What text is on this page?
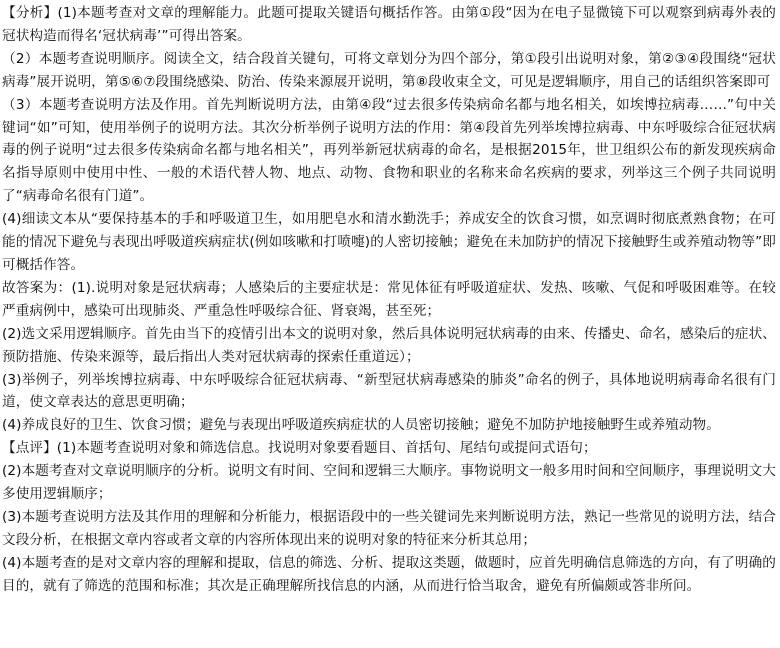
【分析】(1)本题考查对文章的理解能力。此题可提取关键语句概括作答。由第①段“因为在电子显微镜下可以观察到病毒外表的冠状构造而得名‘冠状病毒’”可得出答案。

（2）本题考查说明顺序。阅读全文，结合段首关键句，可将文章划分为四个部分，第①段引出说明对象，第②③④段围绕“冠状病毒”展开说明，第⑤⑥⑦段围绕感染、防治、传染来源展开说明，第⑧段收束全文，可见是逻辑顺序，用自己的话组织答案即可

（3）本题考查说明方法及作用。首先判断说明方法，由第④段“过去很多传染病命名都与地名相关，如埃博拉病毒……”句中关键词“如”可知，使用举例子的说明方法。其次分析举例子说明方法的作用：第④段首先列举埃博拉病毒、中东呼吸综合征冠状病毒的例子说明“过去很多传染病命名都与地名相关”，再列举新冠状病毒的命名，是根据2015年，世卫组织公布的新发现疾病命名指导原则中使用中性、一般的术语代替人物、地点、动物、食物和职业的名称来命名疾病的要求，列举这三个例子共同说明了“病毒命名很有门道”。

(4)细读文本从“要保持基本的手和呼吸道卫生，如用肥皂水和清水勤洗手；养成安全的饮食习惯，如烹调时彻底煮熟食物；在可能的情况下避免与表现出呼吸道疾病症状(例如咳嗽和打喷嚏)的人密切接触；避免在未加防护的情况下接触野生或养殖动物等”即可概括作答。

故答案为：(1).说明对象是冠状病毒；人感染后的主要症状是：常见体征有呼吸道症状、发热、咳嗽、气促和呼吸困难等。在较严重病例中，感染可出现肺炎、严重急性呼吸综合征、肾衰竭，甚至死；

(2)选文采用逻辑顺序。首先由当下的疫情引出本文的说明对象，然后具体说明冠状病毒的由来、传播史、命名，感染后的症状、预防措施、传染来源等，最后指出人类对冠状病毒的探索任重道远）；

(3)举例子，列举埃博拉病毒、中东呼吸综合征冠状病毒、“新型冠状病毒感染的肺炎”命名的例子，具体地说明病毒命名很有门道，使文章表达的意思更明确；

(4)养成良好的卫生、饮食习惯；避免与表现出呼吸道疾病症状的人员密切接触；避免不加防护地接触野生或养殖动物。

【点评】(1)本题考查说明对象和筛选信息。找说明对象要看题目、首括句、尾结句或提问式语句；

(2)本题考查对文章说明顺序的分析。说明文有时间、空间和逻辑三大顺序。事物说明文一般多用时间和空间顺序，事理说明文大多使用逻辑顺序；

(3)本题考查说明方法及其作用的理解和分析能力，根据语段中的一些关键词先来判断说明方法，熟记一些常见的说明方法，结合文段分析，在根据文章内容或者文章的内容所体现出来的说明对象的特征来分析其总用；

(4)本题考查的是对文章内容的理解和提取，信息的筛选、分析、提取这类题，做题时，应首先明确信息筛选的方向，有了明确的目的，就有了筛选的范围和标准；其次是正确理解所找信息的内涵，从而进行恰当取舍，避免有所偏颇或答非所问。
